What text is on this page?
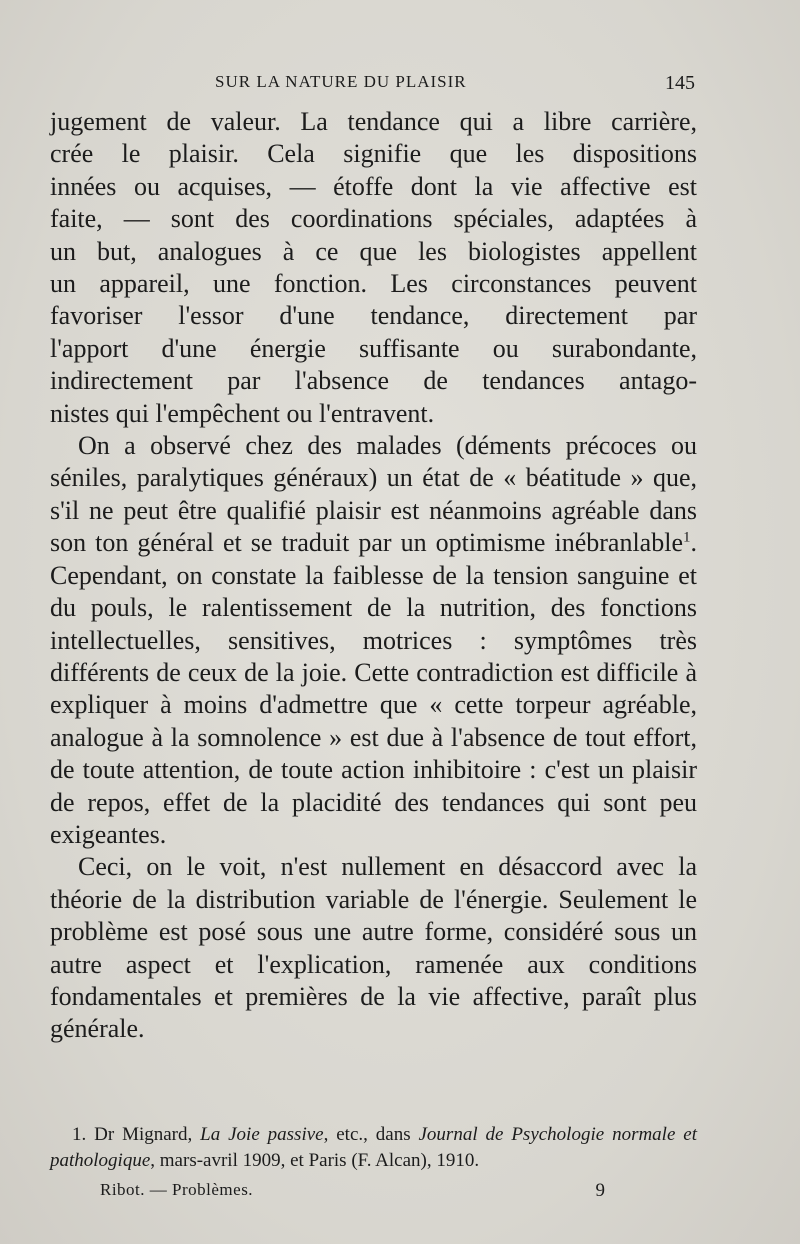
SUR LA NATURE DU PLAISIR	145

jugement de valeur. La tendance qui a libre carrière,

crée le plaisir. Cela signifie que les dispositions

innées ou acquises, — étoffe dont la vie affective est

faite, — sont des coordinations spéciales, adaptées à

un but, analogues à ce que les biologistes appellent

un appareil, une fonction. Les circonstances peuvent

favoriser l'essor d'une tendance, directement par

l'apport d'une énergie suffisante ou surabondante,

indirectement par l'absence de tendances antago-

nistes qui l'empêchent ou l'entravent.

On a observé chez des malades (déments précoces ou séniles, paralytiques généraux) un état de « béatitude » que, s'il ne peut être qualifié plaisir est néanmoins agréable dans son ton général et se traduit par un optimisme inébranlable$^1$. Cependant, on constate la faiblesse de la tension sanguine et du pouls, le ralentissement de la nutrition, des fonctions intellectuelles, sensitives, motrices : symptômes très différents de ceux de la joie. Cette contradiction est difficile à expliquer à moins d'admettre que « cette torpeur agréable, analogue à la somnolence » est due à l'absence de tout effort, de toute attention, de toute action inhibitoire : c'est un plaisir de repos, effet de la placidité des tendances qui sont peu exigeantes.

Ceci, on le voit, n'est nullement en désaccord avec la théorie de la distribution variable de l'énergie. Seulement le problème est posé sous une autre forme, considéré sous un autre aspect et l'explication, ramenée aux conditions fondamentales et premières de la vie affective, paraît plus générale.

1. Dr Mignard, La Joie passive, etc., dans Journal de Psychologie normale et pathologique, mars-avril 1909, et Paris (F. Alcan), 1910.
Ribot. — Problèmes.	9
